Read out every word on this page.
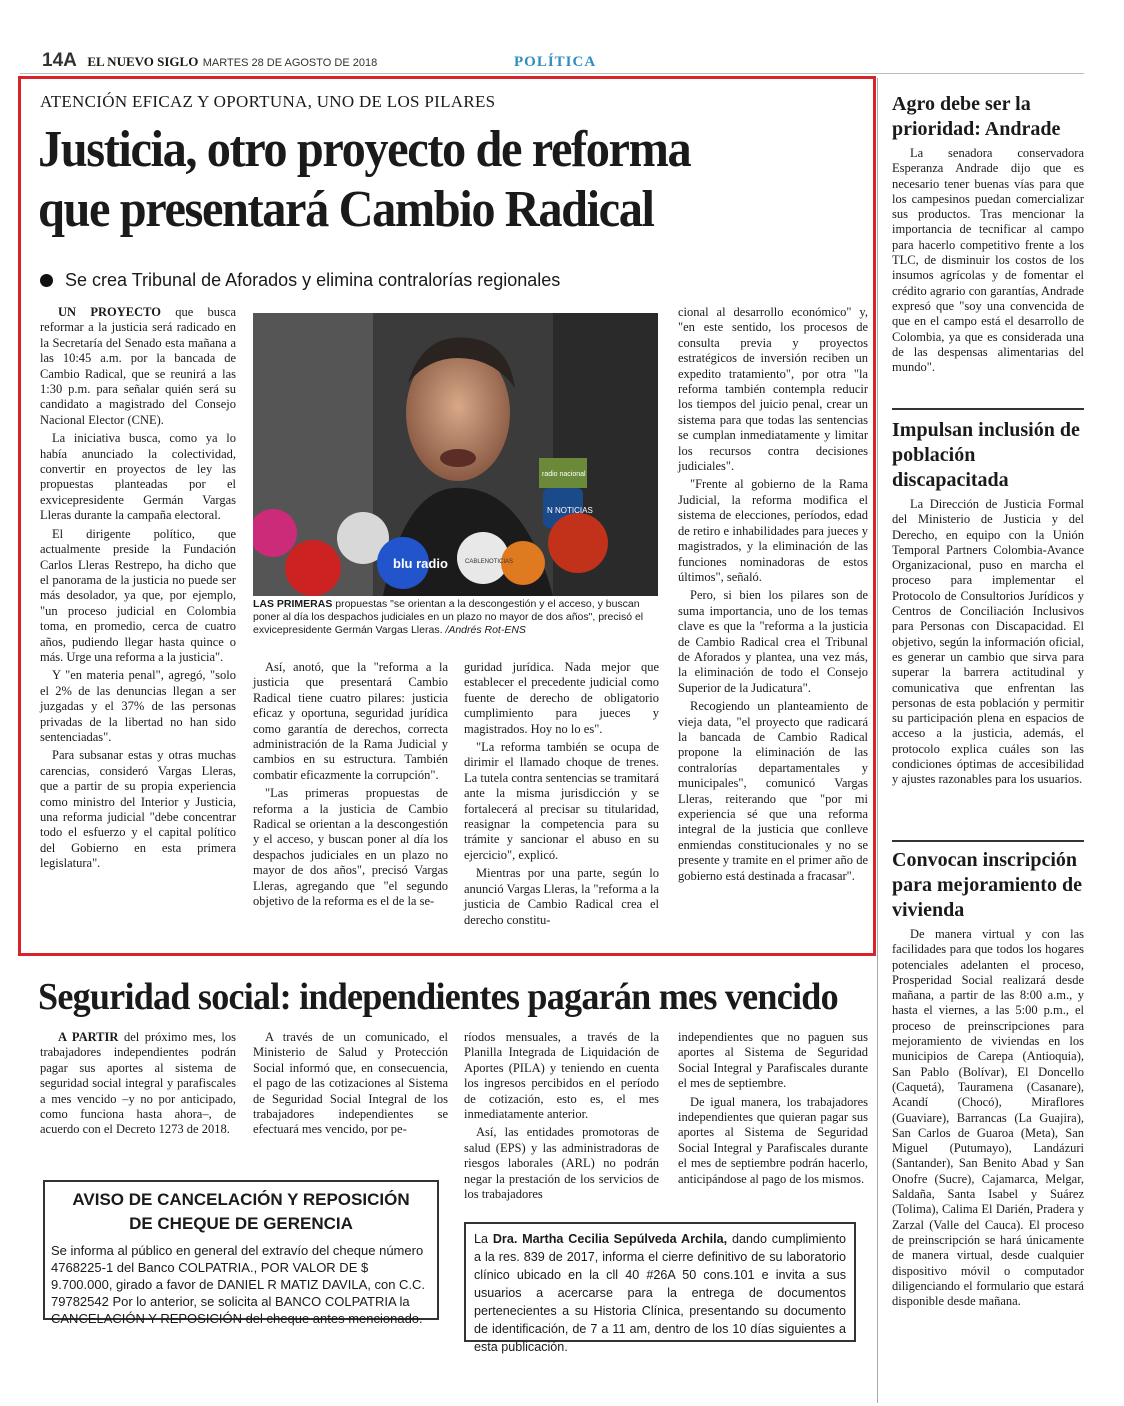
14A EL NUEVO SIGLO MARTES 28 DE AGOSTO DE 2018	POLÍTICA
ATENCIÓN EFICAZ Y OPORTUNA, UNO DE LOS PILARES
Justicia, otro proyecto de reforma
que presentará Cambio Radical
Se crea Tribunal de Aforados y elimina contralorías regionales

UN PROYECTO que busca reformar a la justicia será radicado en la Secretaría del Senado esta mañana a las 10:45 a.m. por la bancada de Cambio Radical, que se reunirá a las 1:30 p.m. para señalar quién será su candidato a magistrado del Consejo Nacional Elector (CNE).

La iniciativa busca, como ya lo había anunciado la colectividad, convertir en proyectos de ley las propuestas planteadas por el exvicepresidente Germán Vargas Lleras durante la campaña electoral.

El dirigente político, que actualmente preside la Fundación Carlos Lleras Restrepo, ha dicho que el panorama de la justicia no puede ser más desolador, ya que, por ejemplo, "un proceso judicial en Colombia toma, en promedio, cerca de cuatro años, pudiendo llegar hasta quince o más. Urge una reforma a la justicia".

Y "en materia penal", agregó, "solo el 2% de las denuncias llegan a ser juzgadas y el 37% de las personas privadas de la libertad no han sido sentenciadas".

Para subsanar estas y otras muchas carencias, consideró Vargas Lleras, que a partir de su propia experiencia como ministro del Interior y Justicia, una reforma judicial "debe concentrar todo el esfuerzo y el capital político del Gobierno en esta primera legislatura".

blu radio
N NOTICIAS
CABLENOTICIAS
radio nacional
LAS PRIMERAS propuestas "se orientan a la descongestión y el acceso, y buscan poner al día los despachos judiciales en un plazo no mayor de dos años", precisó el exvicepresidente Germán Vargas Lleras. /Andrés Rot-ENS

Así, anotó, que la "reforma a la justicia que presentará Cambio Radical tiene cuatro pilares: justicia eficaz y oportuna, seguridad jurídica como garantía de derechos, correcta administración de la Rama Judicial y cambios en su estructura. También combatir eficazmente la corrupción".

"Las primeras propuestas de reforma a la justicia de Cambio Radical se orientan a la descongestión y el acceso, y buscan poner al día los despachos judiciales en un plazo no mayor de dos años", precisó Vargas Lleras, agregando que "el segundo objetivo de la reforma es el de la se-

guridad jurídica. Nada mejor que establecer el precedente judicial como fuente de derecho de obligatorio cumplimiento para jueces y magistrados. Hoy no lo es".

"La reforma también se ocupa de dirimir el llamado choque de trenes. La tutela contra sentencias se tramitará ante la misma jurisdicción y se fortalecerá al precisar su titularidad, reasignar la competencia para su trámite y sancionar el abuso en su ejercicio", explicó.

Mientras por una parte, según lo anunció Vargas Lleras, la "reforma a la justicia de Cambio Radical crea el derecho constitu-

cional al desarrollo económico" y, "en este sentido, los procesos de consulta previa y proyectos estratégicos de inversión reciben un expedito tratamiento", por otra "la reforma también contempla reducir los tiempos del juicio penal, crear un sistema para que todas las sentencias se cumplan inmediatamente y limitar los recursos contra decisiones judiciales".

"Frente al gobierno de la Rama Judicial, la reforma modifica el sistema de elecciones, períodos, edad de retiro e inhabilidades para jueces y magistrados, y la eliminación de las funciones nominadoras de estos últimos", señaló.

Pero, si bien los pilares son de suma importancia, uno de los temas clave es que la "reforma a la justicia de Cambio Radical crea el Tribunal de Aforados y plantea, una vez más, la eliminación de todo el Consejo Superior de la Judicatura".

Recogiendo un planteamiento de vieja data, "el proyecto que radicará la bancada de Cambio Radical propone la eliminación de las contralorías departamentales y municipales", comunicó Vargas Lleras, reiterando que "por mi experiencia sé que una reforma integral de la justicia que conlleve enmiendas constitucionales y no se presente y tramite en el primer año de gobierno está destinada a fracasar".

Agro debe ser la prioridad: Andrade

La senadora conservadora Esperanza Andrade dijo que es necesario tener buenas vías para que los campesinos puedan comercializar sus productos. Tras mencionar la importancia de tecnificar al campo para hacerlo competitivo frente a los TLC, de disminuir los costos de los insumos agrícolas y de fomentar el crédito agrario con garantías, Andrade expresó que "soy una convencida de que en el campo está el desarrollo de Colombia, ya que es considerada una de las despensas alimentarias del mundo".

Impulsan inclusión de población discapacitada

La Dirección de Justicia Formal del Ministerio de Justicia y del Derecho, en equipo con la Unión Temporal Partners Colombia-Avance Organizacional, puso en marcha el proceso para implementar el Protocolo de Consultorios Jurídicos y Centros de Conciliación Inclusivos para Personas con Discapacidad. El objetivo, según la información oficial, es generar un cambio que sirva para superar la barrera actitudinal y comunicativa que enfrentan las personas de esta población y permitir su participación plena en espacios de acceso a la justicia, además, el protocolo explica cuáles son las condiciones óptimas de accesibilidad y ajustes razonables para los usuarios.

Convocan inscripción para mejoramiento de vivienda

De manera virtual y con las facilidades para que todos los hogares potenciales adelanten el proceso, Prosperidad Social realizará desde mañana, a partir de las 8:00 a.m., y hasta el viernes, a las 5:00 p.m., el proceso de preinscripciones para mejoramiento de viviendas en los municipios de Carepa (Antioquia), San Pablo (Bolívar), El Doncello (Caquetá), Tauramena (Casanare), Acandí (Chocó), Miraflores (Guaviare), Barrancas (La Guajira), San Carlos de Guaroa (Meta), San Miguel (Putumayo), Landázuri (Santander), San Benito Abad y San Onofre (Sucre), Cajamarca, Melgar, Saldaña, Santa Isabel y Suárez (Tolima), Calima El Darién, Pradera y Zarzal (Valle del Cauca). El proceso de preinscripción se hará únicamente de manera virtual, desde cualquier dispositivo móvil o computador diligenciando el formulario que estará disponible desde mañana.

Seguridad social: independientes pagarán mes vencido

A PARTIR del próximo mes, los trabajadores independientes podrán pagar sus aportes al sistema de seguridad social integral y parafiscales a mes vencido –y no por anticipado, como funciona hasta ahora–, de acuerdo con el Decreto 1273 de 2018.

A través de un comunicado, el Ministerio de Salud y Protección Social informó que, en consecuencia, el pago de las cotizaciones al Sistema de Seguridad Social Integral de los trabajadores independientes se efectuará mes vencido, por pe-

ríodos mensuales, a través de la Planilla Integrada de Liquidación de Aportes (PILA) y teniendo en cuenta los ingresos percibidos en el período de cotización, esto es, el mes inmediatamente anterior.

Así, las entidades promotoras de salud (EPS) y las administradoras de riesgos laborales (ARL) no podrán negar la prestación de los servicios de los trabajadores

independientes que no paguen sus aportes al Sistema de Seguridad Social Integral y Parafiscales durante el mes de septiembre.

De igual manera, los trabajadores independientes que quieran pagar sus aportes al Sistema de Seguridad Social Integral y Parafiscales durante el mes de septiembre podrán hacerlo, anticipándose al pago de los mismos.

AVISO DE CANCELACIÓN Y REPOSICIÓN
DE CHEQUE DE GERENCIA
Se informa al público en general del extravío del cheque número 4768225-1 del Banco COLPATRIA., POR VALOR DE $ 9.700.000, girado a favor de DANIEL R MATIZ DAVILA, con C.C. 79782542 Por lo anterior, se solicita al BANCO COLPATRIA la CANCELACIÓN Y REPOSICIÓN del cheque antes mencionado.
La Dra. Martha Cecilia Sepúlveda Archila, dando cumplimiento a la res. 839 de 2017, informa el cierre definitivo de su laboratorio clínico ubicado en la cll 40 #26A 50 cons.101 e invita a sus usuarios a acercarse para la entrega de documentos pertenecientes a su Historia Clínica, presentando su documento de identificación, de 7 a 11 am, dentro de los 10 días siguientes a esta publicación.
